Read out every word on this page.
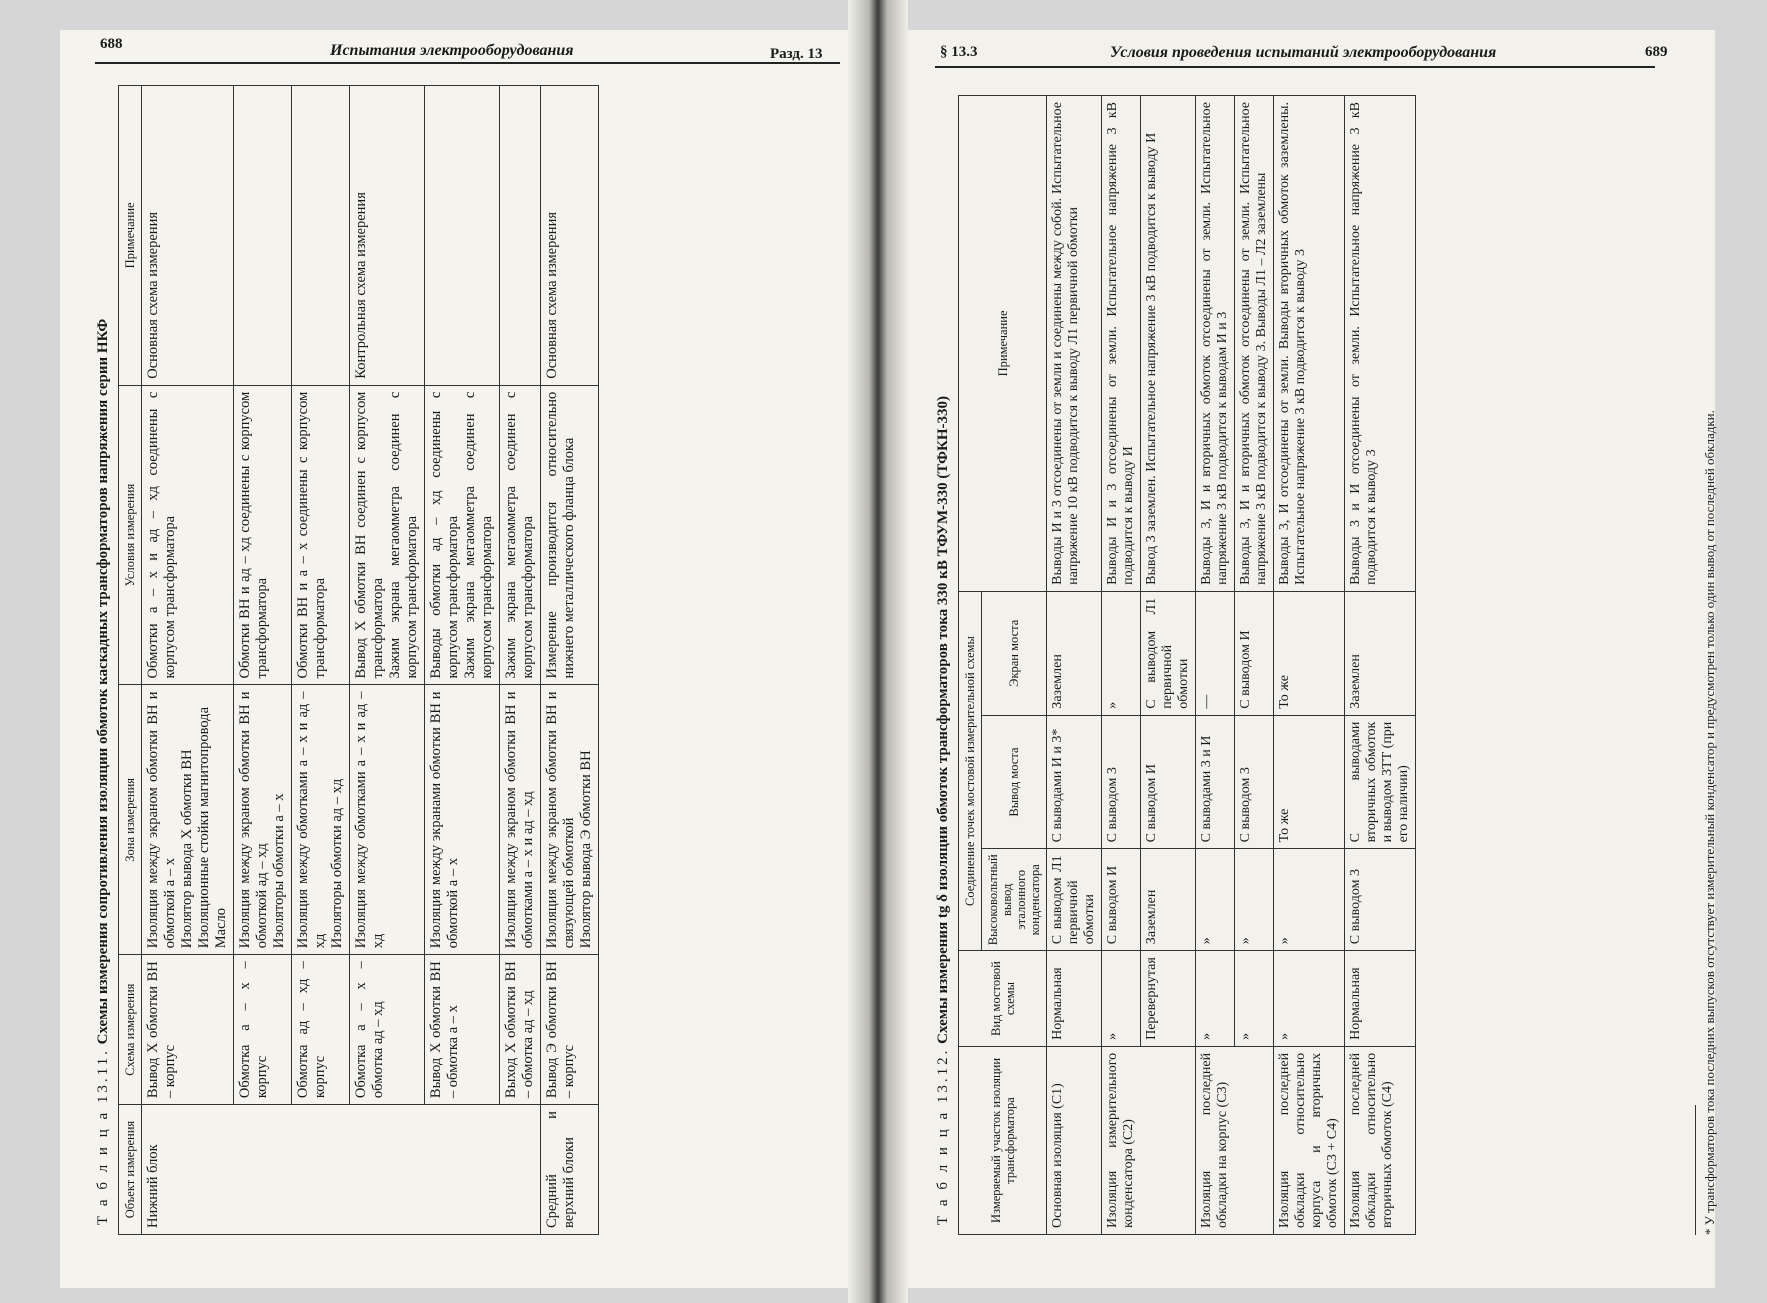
688	Испытания электрооборудования	Разд. 13	§ 13.3	Условия проведения испытаний электрооборудования	689
Т а б л и ц а 13.11. Схемы измерения сопротивления изоляции обмоток каскадных трансформаторов напряжения серии НКФ
Объект измерения	Схема измерения	Зона измерения	Условия измерения	Примечание
Нижний блок	Вывод X обмотки ВН – корпус	Изоляция между экраном обмотки ВН и обмоткой a – x
Изолятор вывода X обмотки ВН
Изоляционные стойки магнитопровода
Масло	Обмотки a – x и aд – xд соединены с корпусом трансформатора	Основная схема измерения
	Обмотка a – x – корпус	Изоляция между экраном обмотки ВН и обмоткой aд – xд
Изоляторы обмотки a – x	Обмотки ВН и aд – xд соединены с корпусом трансформатора	
	Обмотка aд – xд – корпус	Изоляция между обмотками a – x и aд – xд
Изоляторы обмотки aд – xд	Обмотки ВН и a – x соединены с корпусом трансформатора	
	Обмотка a – x – обмотка aд – xд	Изоляция между обмотками a – x и aд – xд	Вывод X обмотки ВН соединен с корпусом трансформатора
Зажим экрана мегаомметра соединен с корпусом трансформатора	Контрольная схема измерения
	Вывод X обмотки ВН – обмотка a – x	Изоляция между экранами обмотки ВН и обмоткой a – x	Выводы обмотки aд – xд соединены с корпусом трансформатора
Зажим экрана мегаомметра соединен с корпусом трансформатора	
	Выход X обмотки ВН – обмотка aд – xд	Изоляция между экраном обмотки ВН и обмотками a – x и aд – xд	Зажим экрана мегаомметра соединен с корпусом трансформатора	
Средний и верхний блоки	Вывод Э обмотки ВН – корпус	Изоляция между экраном обмотки ВН и связующей обмоткой
Изолятор вывода Э обмотки ВН	Измерение производится относительно нижнего металлического фланца блока	Основная схема измерения
Т а б л и ц а 13.12. Схемы измерения tg δ изоляции обмоток трансформаторов тока 330 кВ ТФУМ-330 (ТФКН-330)
Измеряемый участок изоляции трансформатора	Вид мостовой схемы	Соединение точек мостовой измерительной схемы			Примечание
		Высоковольтный вывод эталонного конденсатора	Вывод моста	Экран моста	
Основная изоляция (C1)	Нормальная	С выводом Л1 первичной обмотки	С выводами И и 3*	Заземлен	Выводы И и 3 отсоединены от земли и соединены между собой. Испытательное напряжение 10 кВ подводится к выводу Л1 первичной обмотки
Изоляция измерительного конденсатора (C2)	»	С выводом И	С выводом 3	»	Выводы И и 3 отсоединены от земли. Испытательное напряжение 3 кВ подводится к выводу И
	Перевернутая	Заземлен	С выводом И	С выводом Л1 первичной обмотки	Вывод 3 заземлен. Испытательное напряжение 3 кВ подводится к выводу И
Изоляция последней обкладки на корпус (C3)	»	»	С выводами 3 и И	—	Выводы 3, И и вторичных обмоток отсоединены от земли. Испытательное напряжение 3 кВ подводится к выводам И и 3
	»	»	С выводом 3	С выводом И	Выводы 3, И и вторичных обмоток отсоединены от земли. Испытательное напряжение 3 кВ подводится к выводу 3. Выводы Л1 – Л2 заземлены
Изоляция последней обкладки относительно корпуса и вторичных обмоток (C3 + C4)	»	»	То же	То же	Выводы 3, И отсоединены от земли. Выводы вторичных обмоток заземлены. Испытательное напряжение 3 кВ подводится к выводу 3
Изоляция последней обкладки относительно вторичных обмоток (C4)	Нормальная	С выводом 3	С выводами вторичных обмоток и выводом 3ТТ (при его наличии)	Заземлен	Выводы 3 и И отсоединены от земли. Испытательное напряжение 3 кВ подводится к выводу 3	* У трансформаторов тока последних выпусков отсутствует измерительный конденсатор и предусмотрен только один вывод от последней обкладки.
